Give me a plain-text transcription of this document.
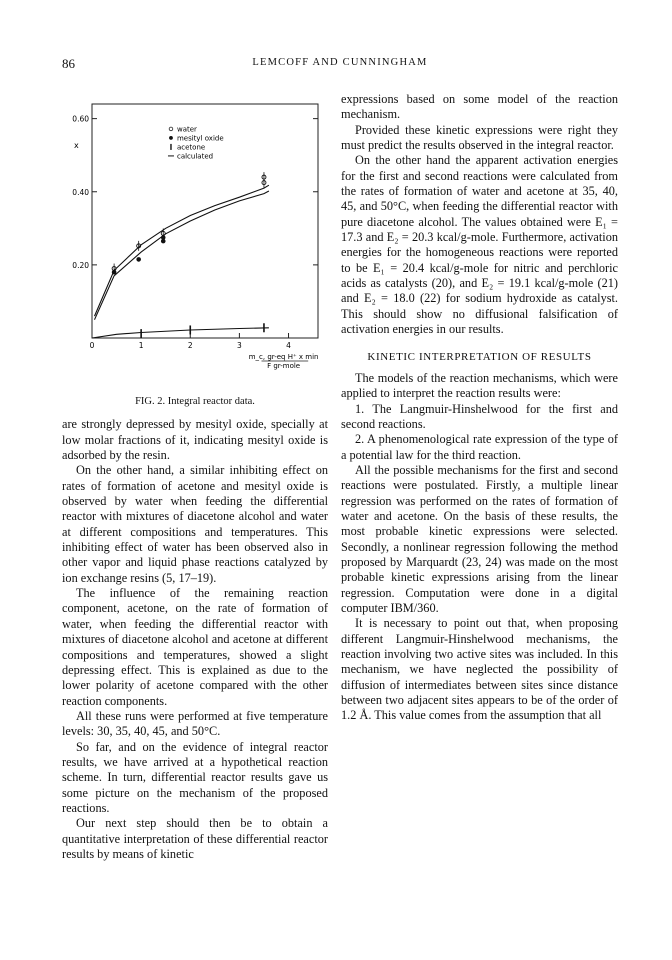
86	LEMCOFF AND CUNNINGHAM
0.20
0.40
0.60
0	1	2	3	4
x
m_c, gr-eq H⁺ x min
F gr-mole
water
mesityl oxide
acetone
calculated
FIG. 2. Integral reactor data.

are strongly depressed by mesityl oxide, specially at low molar fractions of it, indicating mesityl oxide is adsorbed by the resin.

On the other hand, a similar inhibiting effect on rates of formation of acetone and mesityl oxide is observed by water when feeding the differential reactor with mixtures of diacetone alcohol and water at different compositions and temperatures. This inhibiting effect of water has been observed also in other vapor and liquid phase reactions catalyzed by ion exchange resins (5, 17–19).

The influence of the remaining reaction component, acetone, on the rate of formation of water, when feeding the differential reactor with mixtures of diacetone alcohol and acetone at different compositions and temperatures, showed a slight depressing effect. This is explained as due to the lower polarity of acetone compared with the other reaction components.

All these runs were performed at five temperature levels: 30, 35, 40, 45, and 50°C.

So far, and on the evidence of integral reactor results, we have arrived at a hypothetical reaction scheme. In turn, differential reactor results gave us some picture on the mechanism of the proposed reactions.

Our next step should then be to obtain a quantitative interpretation of these differential reactor results by means of kinetic

expressions based on some model of the reaction mechanism.

Provided these kinetic expressions were right they must predict the results observed in the integral reactor.

On the other hand the apparent activation energies for the first and second reactions were calculated from the rates of formation of water and acetone at 35, 40, 45, and 50°C, when feeding the differential reactor with pure diacetone alcohol. The values obtained were E₁ = 17.3 and E₂ = 20.3 kcal/g-mole. Furthermore, activation energies for the homogeneous reactions were reported to be E₁ = 20.4 kcal/g-mole for nitric and perchloric acids as catalysts (20), and E₂ = 19.1 kcal/g-mole (21) and E₂ = 18.0 (22) for sodium hydroxide as catalyst. This should show no diffusional falsification of activation energies in our results.

KINETIC INTERPRETATION OF RESULTS

The models of the reaction mechanisms, which were applied to interpret the reaction results were:

1. The Langmuir-Hinshelwood for the first and second reactions.

2. A phenomenological rate expression of the type of a potential law for the third reaction.

All the possible mechanisms for the first and second reactions were postulated. Firstly, a multiple linear regression was performed on the rates of formation of water and acetone. On the basis of these results, the most probable kinetic expressions were selected. Secondly, a nonlinear regression following the method proposed by Marquardt (23, 24) was made on the most probable kinetic expressions arising from the linear regression. Computation were done in a digital computer IBM/360.

It is necessary to point out that, when proposing different Langmuir-Hinshelwood mechanisms, the reaction involving two active sites was included. In this mechanism, we have neglected the possibility of diffusion of intermediates between sites since distance between two adjacent sites appears to be of the order of 1.2 Å. This value comes from the assumption that all
